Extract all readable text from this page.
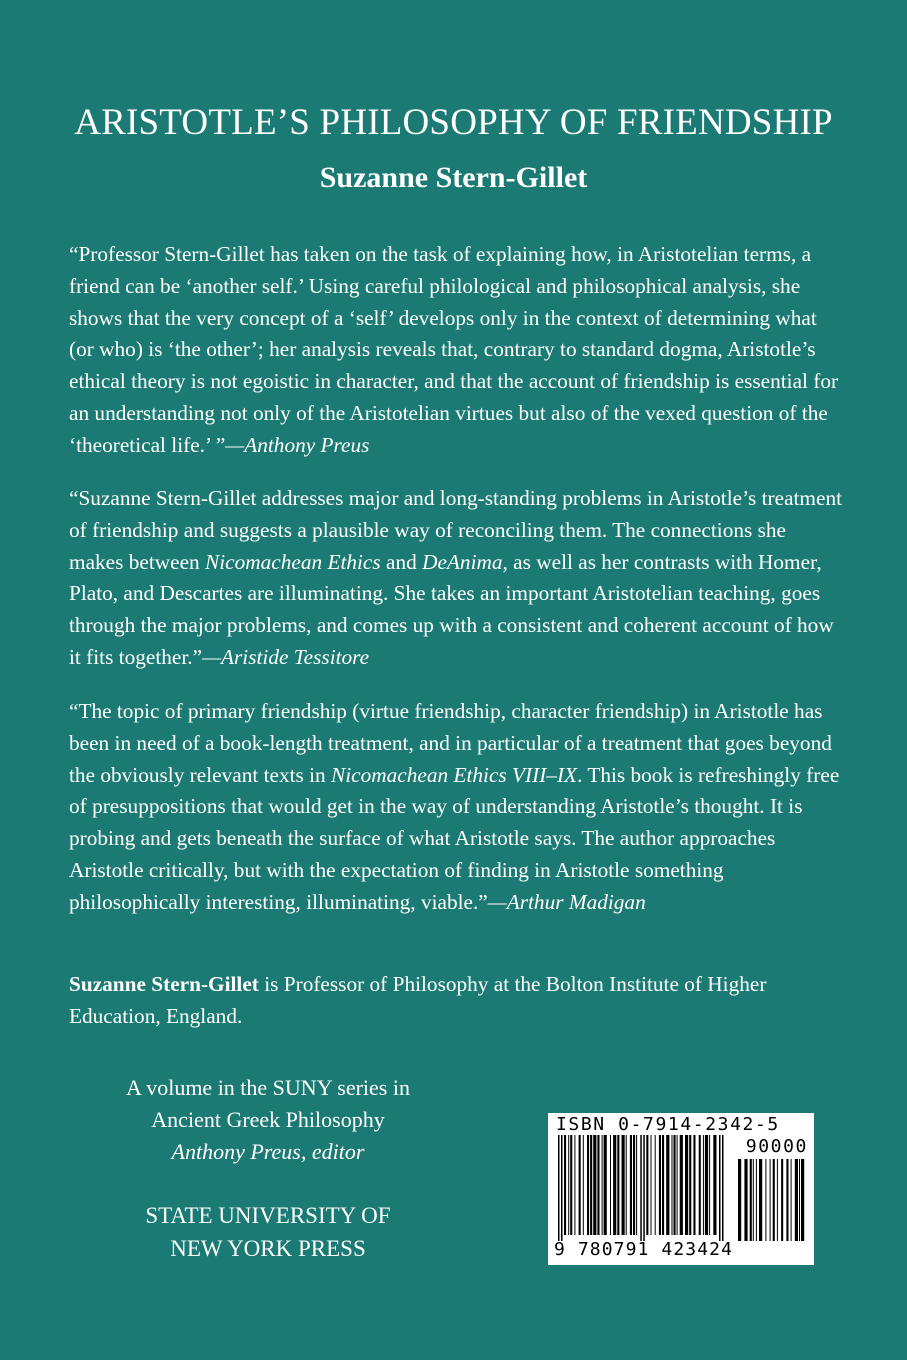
ARISTOTLE’S PHILOSOPHY OF FRIENDSHIP
Suzanne Stern-Gillet

“Professor Stern-Gillet has taken on the task of explaining how, in Aristotelian terms, a friend can be ‘another self.’ Using careful philological and philosophical analysis, she shows that the very concept of a ‘self’ develops only in the context of determining what (or who) is ‘the other’; her analysis reveals that, contrary to standard dogma, Aristotle’s ethical theory is not egoistic in character, and that the account of friendship is essential for an understanding not only of the Aristotelian virtues but also of the vexed question of the ‘theoretical life.’ ”—Anthony Preus

“Suzanne Stern-Gillet addresses major and long-standing problems in Aristotle’s treatment of friendship and suggests a plausible way of reconciling them. The connections she makes between Nicomachean Ethics and DeAnima, as well as her contrasts with Homer, Plato, and Descartes are illuminating. She takes an important Aristotelian teaching, goes through the major problems, and comes up with a consistent and coherent account of how it fits together.”—Aristide Tessitore

“The topic of primary friendship (virtue friendship, character friendship) in Aristotle has been in need of a book-length treatment, and in particular of a treatment that goes beyond the obviously relevant texts in Nicomachean Ethics VIII–IX. This book is refreshingly free of presuppositions that would get in the way of understanding Aristotle’s thought. It is probing and gets beneath the surface of what Aristotle says. The author approaches Aristotle critically, but with the expectation of finding in Aristotle something philosophically interesting, illuminating, viable.”—Arthur Madigan

Suzanne Stern-Gillet is Professor of Philosophy at the Bolton Institute of Higher Education, England.

A volume in the SUNY series in
Ancient Greek Philosophy
Anthony Preus, editor
STATE UNIVERSITY OF
NEW YORK PRESS
ISBN 0-7914-2342-5
90000
9 780791 423424
